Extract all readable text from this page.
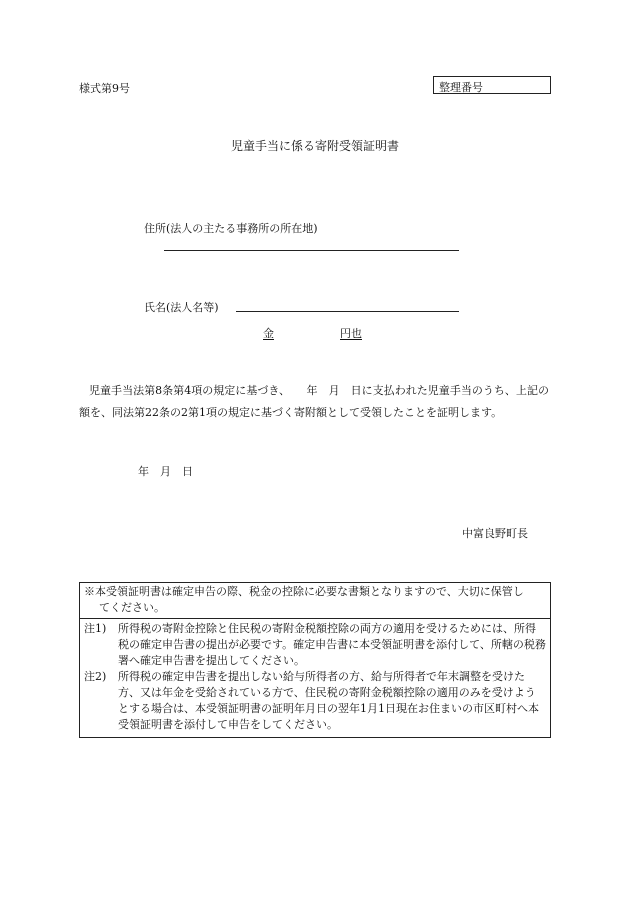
様式第9号	整理番号
児童手当に係る寄附受領証明書
住所(法人の主たる事務所の所在地)
氏名(法人名等)
金	円也
児童手当法第8条第4項の規定に基づき、　　年　月　日に支払われた児童手当のうち、上記の額を、同法第22条の2第1項の規定に基づく寄附額として受領したことを証明します。
年　月　日
中富良野町長
※本受領証明書は確定申告の際、税金の控除に必要な書類となりますので、大切に保管し
てください。
注1)	所得税の寄附金控除と住民税の寄附金税額控除の両方の適用を受けるためには、所得税の確定申告書の提出が必要です。確定申告書に本受領証明書を添付して、所轄の税務署へ確定申告書を提出してください。
注2)	所得税の確定申告書を提出しない給与所得者の方、給与所得者で年末調整を受けた方、又は年金を受給されている方で、住民税の寄附金税額控除の適用のみを受けようとする場合は、本受領証明書の証明年月日の翌年1月1日現在お住まいの市区町村へ本受領証明書を添付して申告をしてください。
